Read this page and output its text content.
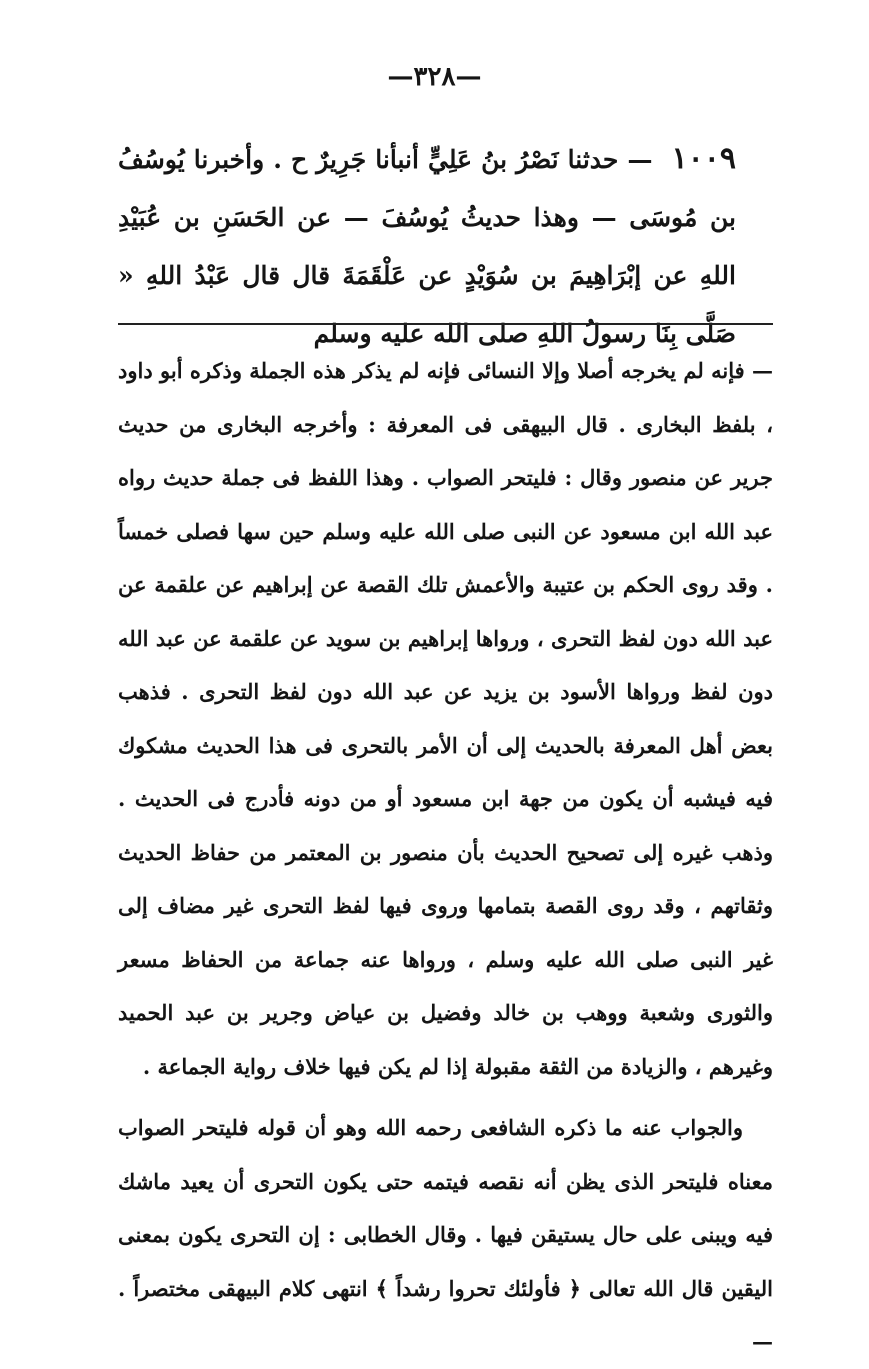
—٣٢٨—
١٠٠٩ — حدثنا نَصْرُ بنُ عَلِيٍّ أنبأنا جَرِيرٌ ح . وأخبرنا يُوسُفُ بن مُوسَى — وهذا حديثُ يُوسُفَ — عن الحَسَنِ بن عُبَيْدِ اللهِ عن إبْرَاهِيمَ بن سُوَيْدٍ عن عَلْقَمَةَ قال قال عَبْدُ اللهِ « صَلَّى بِنَا رسولُ اللهِ صلى الله عليه وسلم

— فإنه لم يخرجه أصلا وإلا النسائى فإنه لم يذكر هذه الجملة وذكره أبو داود ، بلفظ البخارى . قال البيهقى فى المعرفة : وأخرجه البخارى من حديث جرير عن منصور وقال : فليتحر الصواب . وهذا اللفظ فى جملة حديث رواه عبد الله ابن مسعود عن النبى صلى الله عليه وسلم حين سها فصلى خمساً . وقد روى الحكم بن عتيبة والأعمش تلك القصة عن إبراهيم عن علقمة عن عبد الله دون لفظ التحرى ، ورواها إبراهيم بن سويد عن علقمة عن عبد الله دون لفظ ورواها الأسود بن يزيد عن عبد الله دون لفظ التحرى . فذهب بعض أهل المعرفة بالحديث إلى أن الأمر بالتحرى فى هذا الحديث مشكوك فيه فيشبه أن يكون من جهة ابن مسعود أو من دونه فأدرج فى الحديث . وذهب غيره إلى تصحيح الحديث بأن منصور بن المعتمر من حفاظ الحديث وثقاتهم ، وقد روى القصة بتمامها وروى فيها لفظ التحرى غير مضاف إلى غير النبى صلى الله عليه وسلم ، ورواها عنه جماعة من الحفاظ مسعر والثورى وشعبة ووهب بن خالد وفضيل بن عياض وجرير بن عبد الحميد وغيرهم ، والزيادة من الثقة مقبولة إذا لم يكن فيها خلاف رواية الجماعة .

والجواب عنه ما ذكره الشافعى رحمه الله وهو أن قوله فليتحر الصواب معناه فليتحر الذى يظن أنه نقصه فيتمه حتى يكون التحرى أن يعيد ماشك فيه ويبنى على حال يستيقن فيها . وقال الخطابى : إن التحرى يكون بمعنى اليقين قال الله تعالى ﴿ فأولئك تحروا رشداً ﴾ انتهى كلام البيهقى مختصراً . —
